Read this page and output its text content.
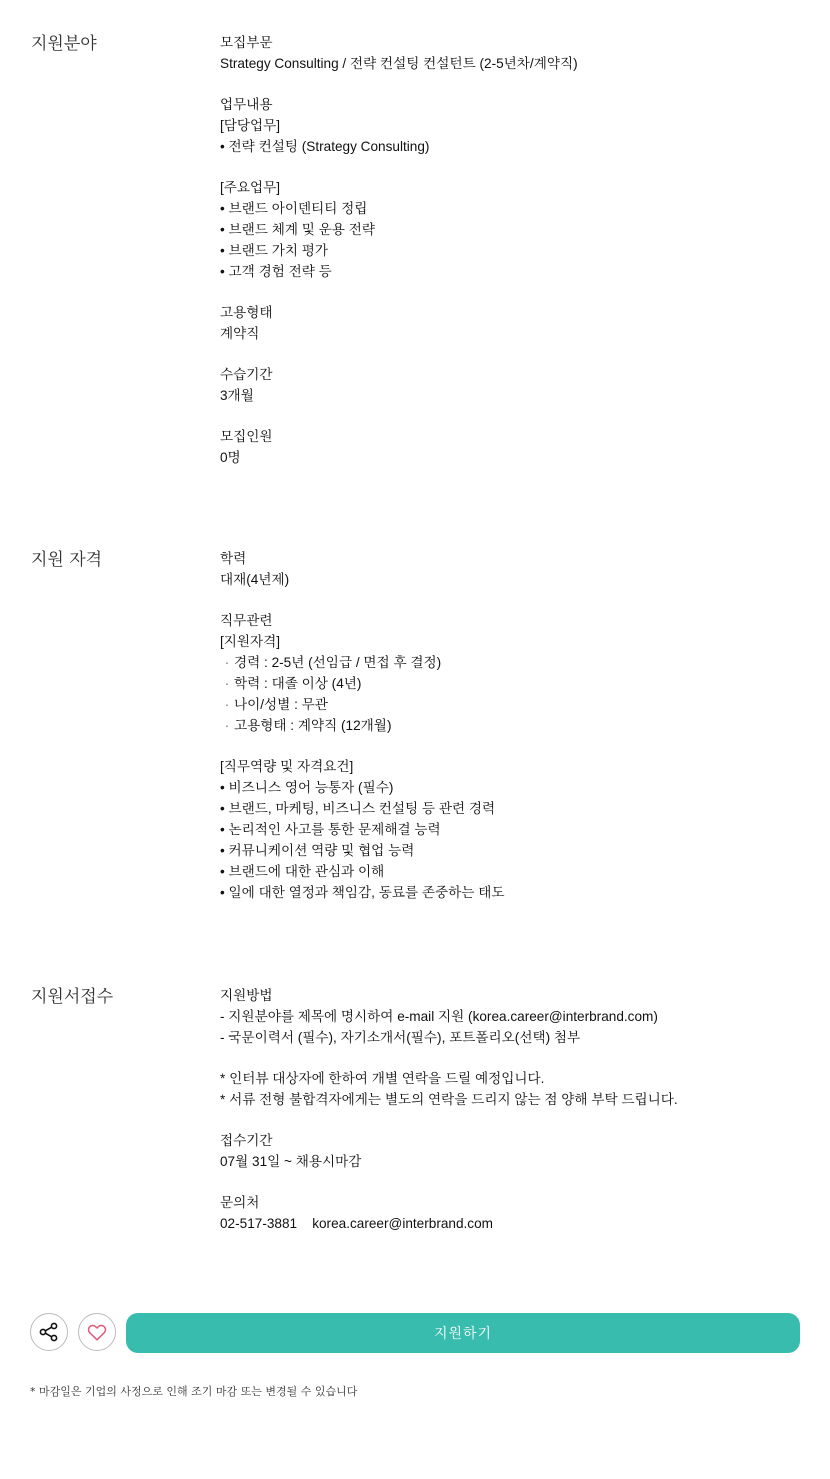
지원분야	모집부문
Strategy Consulting / 전략 컨설팅 컨설턴트 (2-5년차/계약직)
업무내용
[담당업무]
• 전략 컨설팅 (Strategy Consulting)
[주요업무]
• 브랜드 아이덴티티 정립
• 브랜드 체계 및 운용 전략
• 브랜드 가치 평가
• 고객 경험 전략 등
고용형태
계약직
수습기간
3개월
모집인원
0명
지원 자격	학력
대재(4년제)
직무관련
[지원자격]
· 경력 : 2-5년 (선임급 / 면접 후 결정)
· 학력 : 대졸 이상 (4년)
· 나이/성별 : 무관
· 고용형태 : 계약직 (12개월)
[직무역량 및 자격요건]
• 비즈니스 영어 능통자 (필수)
• 브랜드, 마케팅, 비즈니스 컨설팅 등 관련 경력
• 논리적인 사고를 통한 문제해결 능력
• 커뮤니케이션 역량 및 협업 능력
• 브랜드에 대한 관심과 이해
• 일에 대한 열정과 책임감, 동료를 존중하는 태도
지원서접수	지원방법
- 지원분야를 제목에 명시하여 e-mail 지원 (korea.career@interbrand.com)
- 국문이력서 (필수), 자기소개서(필수), 포트폴리오(선택) 첨부
* 인터뷰 대상자에 한하여 개별 연락을 드릴 예정입니다.
* 서류 전형 불합격자에게는 별도의 연락을 드리지 않는 점 양해 부탁 드립니다.
접수기간
07월 31일 ~ 채용시마감
문의처
02-517-3881    korea.career@interbrand.com
지원하기
* 마감일은 기업의 사정으로 인해 조기 마감 또는 변경될 수 있습니다
